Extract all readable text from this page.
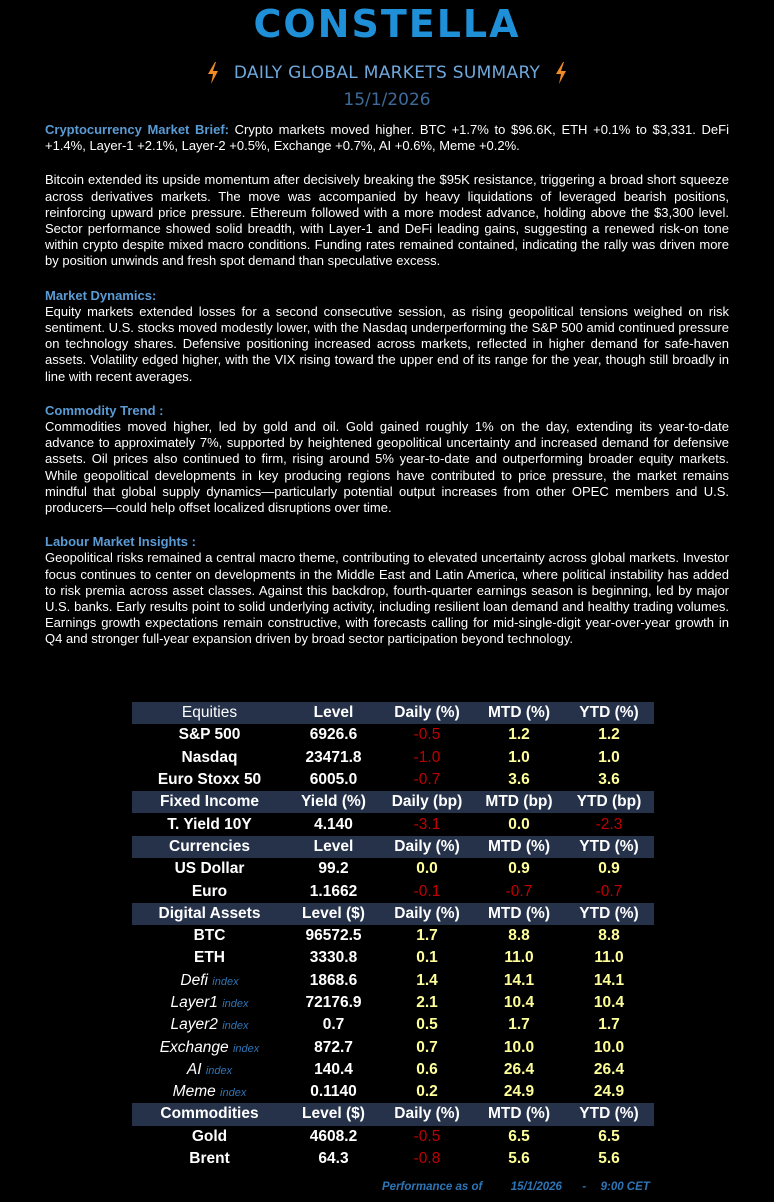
CONSTELLA
DAILY GLOBAL MARKETS SUMMARY
15/1/2026

Cryptocurrency Market Brief: Crypto markets moved higher. BTC +1.7% to $96.6K, ETH +0.1% to $3,331. DeFi +1.4%, Layer-1 +2.1%, Layer-2 +0.5%, Exchange +0.7%, AI +0.6%, Meme +0.2%.

Bitcoin extended its upside momentum after decisively breaking the $95K resistance, triggering a broad short squeeze across derivatives markets. The move was accompanied by heavy liquidations of leveraged bearish positions, reinforcing upward price pressure. Ethereum followed with a more modest advance, holding above the $3,300 level. Sector performance showed solid breadth, with Layer-1 and DeFi leading gains, suggesting a renewed risk-on tone within crypto despite mixed macro conditions. Funding rates remained contained, indicating the rally was driven more by position unwinds and fresh spot demand than speculative excess.

Market Dynamics:
Equity markets extended losses for a second consecutive session, as rising geopolitical tensions weighed on risk sentiment. U.S. stocks moved modestly lower, with the Nasdaq underperforming the S&P 500 amid continued pressure on technology shares. Defensive positioning increased across markets, reflected in higher demand for safe-haven assets. Volatility edged higher, with the VIX rising toward the upper end of its range for the year, though still broadly in line with recent averages.

Commodity Trend :
Commodities moved higher, led by gold and oil. Gold gained roughly 1% on the day, extending its year-to-date advance to approximately 7%, supported by heightened geopolitical uncertainty and increased demand for defensive assets. Oil prices also continued to firm, rising around 5% year-to-date and outperforming broader equity markets. While geopolitical developments in key producing regions have contributed to price pressure, the market remains mindful that global supply dynamics—particularly potential output increases from other OPEC members and U.S. producers—could help offset localized disruptions over time.

Labour Market Insights :
Geopolitical risks remained a central macro theme, contributing to elevated uncertainty across global markets. Investor focus continues to center on developments in the Middle East and Latin America, where political instability has added to risk premia across asset classes. Against this backdrop, fourth-quarter earnings season is beginning, led by major U.S. banks. Early results point to solid underlying activity, including resilient loan demand and healthy trading volumes. Earnings growth expectations remain constructive, with forecasts calling for mid-single-digit year-over-year growth in Q4 and stronger full-year expansion driven by broad sector participation beyond technology.

Equities	Level	Daily (%)	MTD (%)	YTD (%)
S&P 500	6926.6	-0.5	1.2	1.2
Nasdaq	23471.8	-1.0	1.0	1.0
Euro Stoxx 50	6005.0	-0.7	3.6	3.6
Fixed Income	Yield (%)	Daily (bp)	MTD (bp)	YTD (bp)
T. Yield 10Y	4.140	-3.1	0.0	-2.3
Currencies	Level	Daily (%)	MTD (%)	YTD (%)
US Dollar	99.2	0.0	0.9	0.9
Euro	1.1662	-0.1	-0.7	-0.7
Digital Assets	Level ($)	Daily (%)	MTD (%)	YTD (%)
BTC	96572.5	1.7	8.8	8.8
ETH	3330.8	0.1	11.0	11.0
Defi index	1868.6	1.4	14.1	14.1
Layer1 index	72176.9	2.1	10.4	10.4
Layer2 index	0.7	0.5	1.7	1.7
Exchange index	872.7	0.7	10.0	10.0
AI index	140.4	0.6	26.4	26.4
Meme index	0.1140	0.2	24.9	24.9
Commodities	Level ($)	Daily (%)	MTD (%)	YTD (%)
Gold	4608.2	-0.5	6.5	6.5
Brent	64.3	-0.8	5.6	5.6
Performance as of 15/1/2026 - 9:00 CET
